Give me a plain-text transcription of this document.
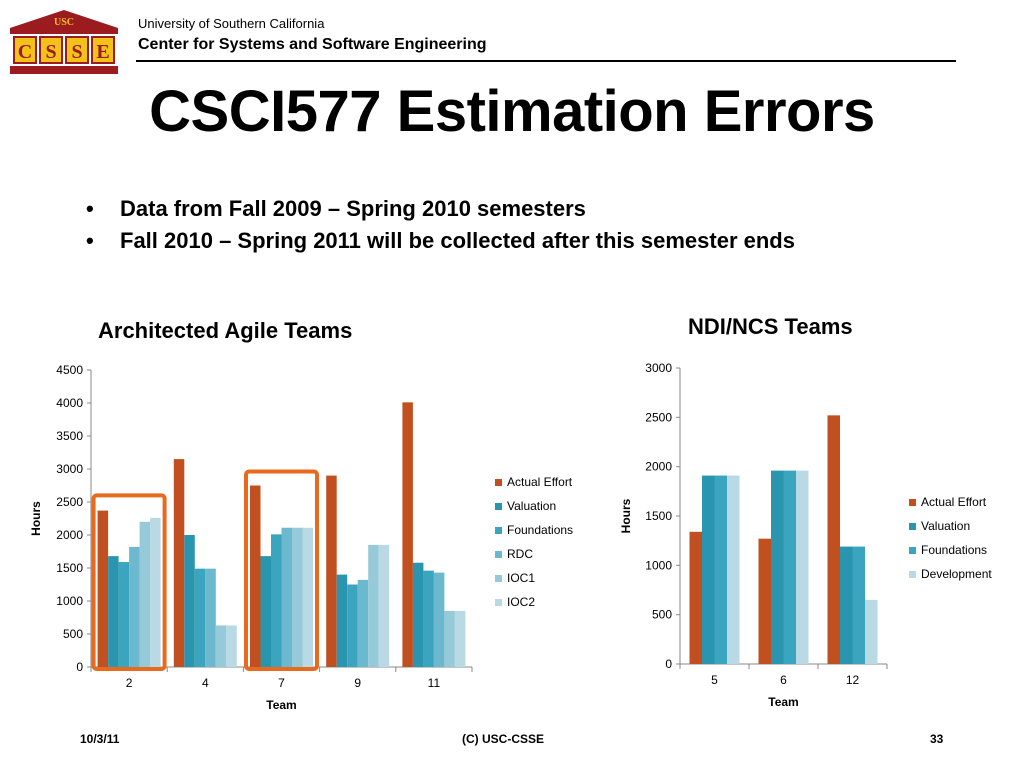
USC
C S S E
University of Southern California
Center for Systems and Software Engineering
CSCI577 Estimation Errors
• Data from Fall 2009 – Spring 2010 semesters
• Fall 2010 – Spring 2011 will be collected after this semester ends
Architected Agile Teams	NDI/NCS Teams
0
500
1000
1500
2000
2500
3000
3500
4000
4500
2	4	7	9	11
Team
Hours
Actual Effort
Valuation
Foundations
RDC
IOC1
IOC2
0
500
1000
1500
2000
2500
3000
5	6	12
Team
Hours	Actual Effort
Valuation
Foundations
Development
10/3/11	(C) USC-CSSE	33
